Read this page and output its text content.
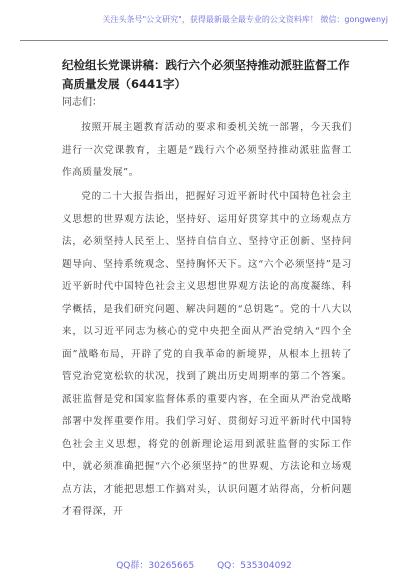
关注头条号"公文研究"，获得最新最全最专业的公文资料库！ 微信：gongwenyj
纪检组长党课讲稿：践行六个必须坚持推动派驻监督工作高质量发展（6441字）

同志们：

按照开展主题教育活动的要求和委机关统一部署，今天我们进行一次党课教育，主题是“践行六个必须坚持推动派驻监督工作高质量发展”。

党的二十大报告指出，把握好习近平新时代中国特色社会主义思想的世界观方法论，坚持好、运用好贯穿其中的立场观点方法，必须坚持人民至上、坚持自信自立、坚持守正创新、坚持问题导向、坚持系统观念、坚持胸怀天下。这“六个必须坚持”是习近平新时代中国特色社会主义思想世界观方法论的高度凝练、科学概括，是我们研究问题、解决问题的“总钥匙”。党的十八大以来，以习近平同志为核心的党中央把全面从严治党纳入“四个全面”战略布局，开辟了党的自我革命的新境界，从根本上扭转了管党治党宽松软的状况，找到了跳出历史周期率的第二个答案。派驻监督是党和国家监督体系的重要内容，在全面从严治党战略部署中发挥重要作用。我们学习好、贯彻好习近平新时代中国特色社会主义思想，将党的创新理论运用到派驻监督的实际工作中，就必须准确把握“六个必须坚持”的世界观、方法论和立场观点方法，才能把思想工作搞对头，认识问题才站得高，分析问题才看得深，开

QQ群：30265665	QQ：535304092
